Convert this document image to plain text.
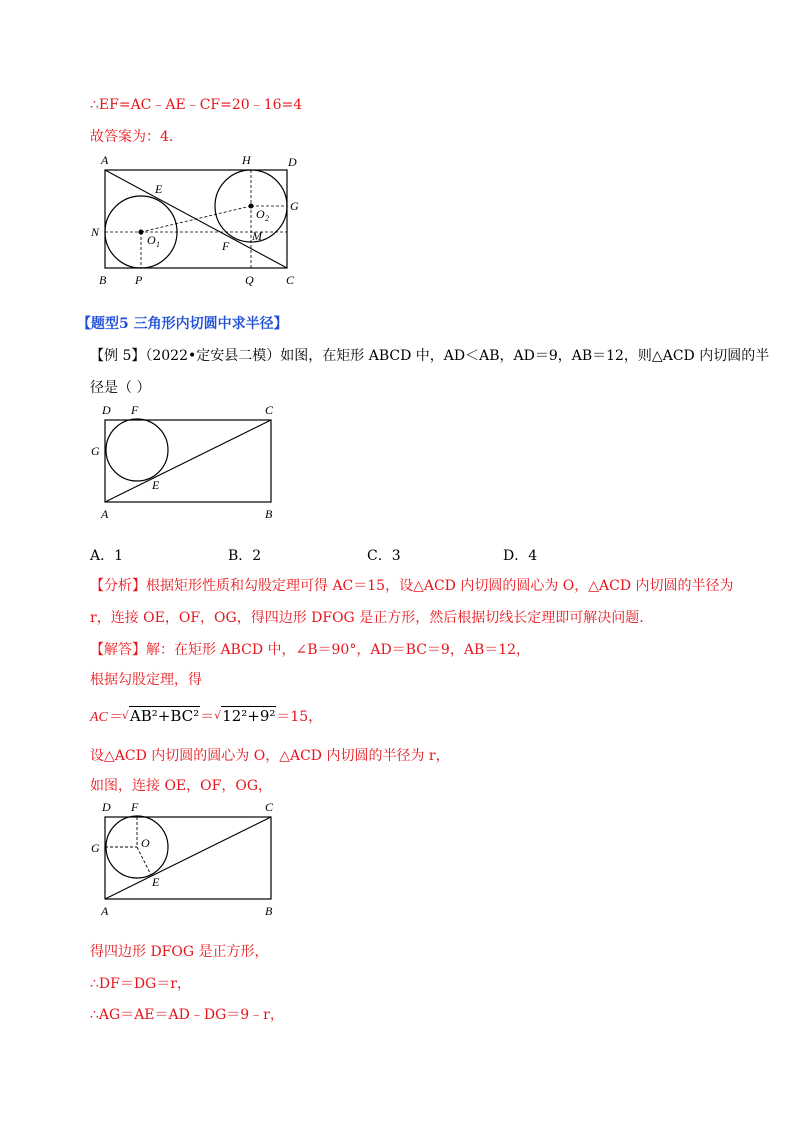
∴EF=AC﹣AE﹣CF=20﹣16=4
故答案为：4．
A	H	D
E
G
O 2
N
O 1
M
F
B P	Q	C
【题型5 三角形内切圆中求半径】
【例 5】（2022•定安县二模）如图，在矩形 ABCD 中，AD＜AB，AD＝9，AB＝12，则△ACD 内切圆的半
径是（ ）
D F	C
G
E
A	B
A．1	B．2	C．3	D．4
【分析】根据矩形性质和勾股定理可得 AC＝15，设△ACD 内切圆的圆心为 O，△ACD 内切圆的半径为
r，连接 OE，OF，OG，得四边形 DFOG 是正方形，然后根据切线长定理即可解决问题.
【解答】解：在矩形 ABCD 中，∠B＝90°，AD＝BC＝9，AB＝12，
根据勾股定理，得
AC＝√AB²+BC²＝√12²+9²＝15，
设△ACD 内切圆的圆心为 O，△ACD 内切圆的半径为 r，
如图，连接 OE，OF，OG，
D F	C
G	O
E
A	B
得四边形 DFOG 是正方形，
∴DF＝DG＝r，
∴AG＝AE＝AD﹣DG＝9﹣r，
